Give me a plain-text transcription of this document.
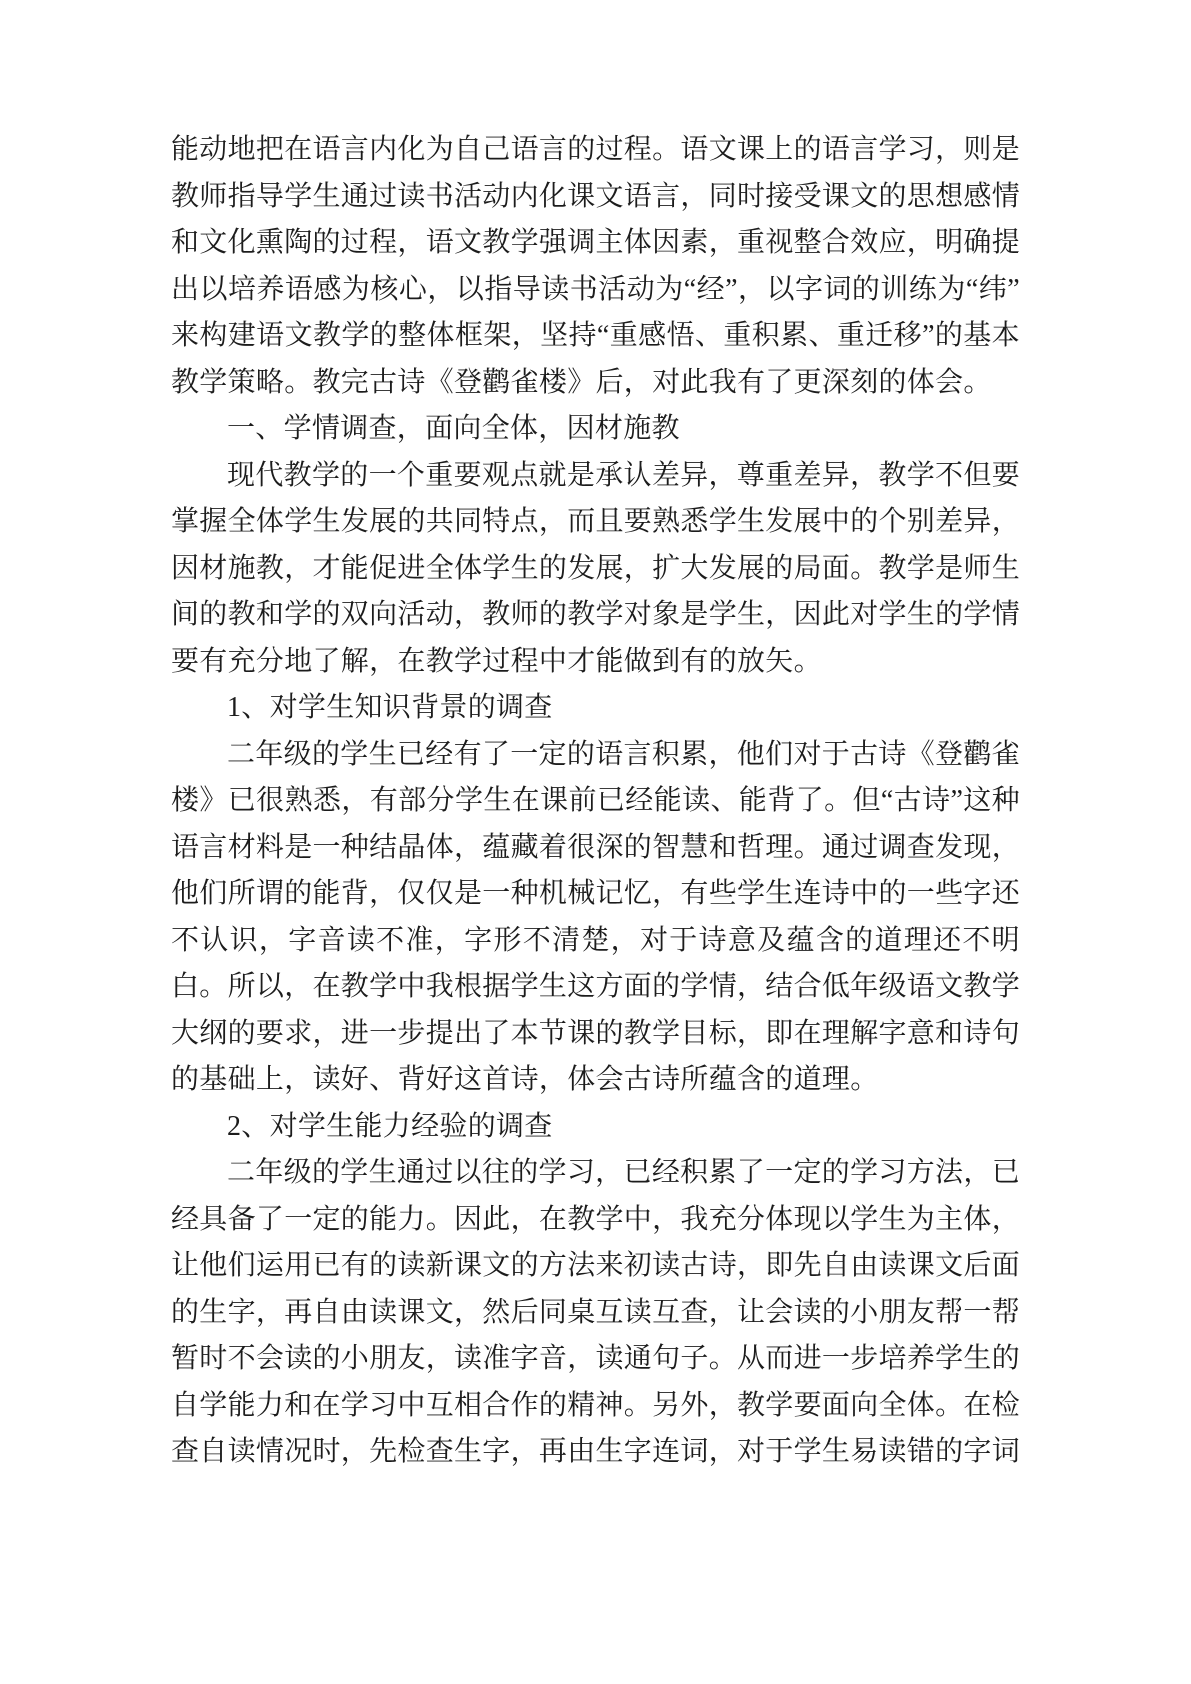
能动地把在语言内化为自己语言的过程。语文课上的语言学习，则是教师指导学生通过读书活动内化课文语言，同时接受课文的思想感情和文化熏陶的过程，语文教学强调主体因素，重视整合效应，明确提出以培养语感为核心，以指导读书活动为“经”，以字词的训练为“纬”来构建语文教学的整体框架，坚持“重感悟、重积累、重迁移”的基本教学策略。教完古诗《登鹳雀楼》后，对此我有了更深刻的体会。

一、学情调查，面向全体，因材施教

现代教学的一个重要观点就是承认差异，尊重差异，教学不但要掌握全体学生发展的共同特点，而且要熟悉学生发展中的个别差异，因材施教，才能促进全体学生的发展，扩大发展的局面。教学是师生间的教和学的双向活动，教师的教学对象是学生，因此对学生的学情要有充分地了解，在教学过程中才能做到有的放矢。

1、对学生知识背景的调查

二年级的学生已经有了一定的语言积累，他们对于古诗《登鹳雀楼》已很熟悉，有部分学生在课前已经能读、能背了。但“古诗”这种语言材料是一种结晶体，蕴藏着很深的智慧和哲理。通过调查发现，他们所谓的能背，仅仅是一种机械记忆，有些学生连诗中的一些字还不认识，字音读不准，字形不清楚，对于诗意及蕴含的道理还不明白。所以，在教学中我根据学生这方面的学情，结合低年级语文教学大纲的要求，进一步提出了本节课的教学目标，即在理解字意和诗句的基础上，读好、背好这首诗，体会古诗所蕴含的道理。

2、对学生能力经验的调查

二年级的学生通过以往的学习，已经积累了一定的学习方法，已经具备了一定的能力。因此，在教学中，我充分体现以学生为主体，让他们运用已有的读新课文的方法来初读古诗，即先自由读课文后面的生字，再自由读课文，然后同桌互读互查，让会读的小朋友帮一帮暂时不会读的小朋友，读准字音，读通句子。从而进一步培养学生的自学能力和在学习中互相合作的精神。另外，教学要面向全体。在检查自读情况时，先检查生字，再由生字连词，对于学生易读错的字词
